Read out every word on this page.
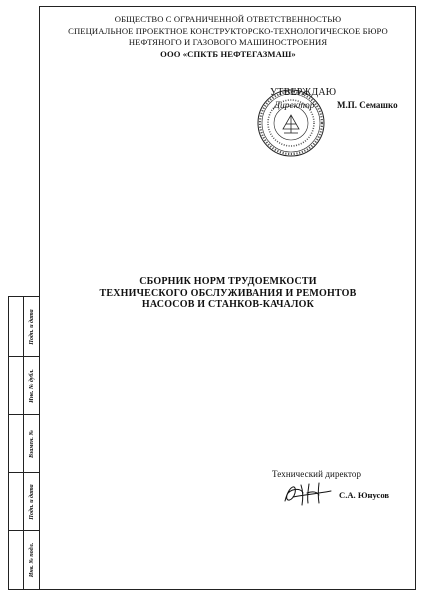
Подп. и дата
Инв. № дубл.
Взамен. №
Подп. и дата
Инв. № подл.
ОБЩЕСТВО С ОГРАНИЧЕННОЙ ОТВЕТСТВЕННОСТЬЮ
СПЕЦИАЛЬНОЕ ПРОЕКТНОЕ КОНСТРУКТОРСКО-ТЕХНОЛОГИЧЕСКОЕ БЮРО
НЕФТЯНОГО И ГАЗОВОГО МАШИНОСТРОЕНИЯ
ООО «СПКТБ НЕФТЕГАЗМАШ»
УТВЕРЖДАЮ
Директор	М.П. Семашко
СБОРНИК НОРМ ТРУДОЕМКОСТИ
ТЕХНИЧЕСКОГО ОБСЛУЖИВАНИЯ И РЕМОНТОВ
НАСОСОВ И СТАНКОВ-КАЧАЛОК
Технический директор
С.А. Юнусов
